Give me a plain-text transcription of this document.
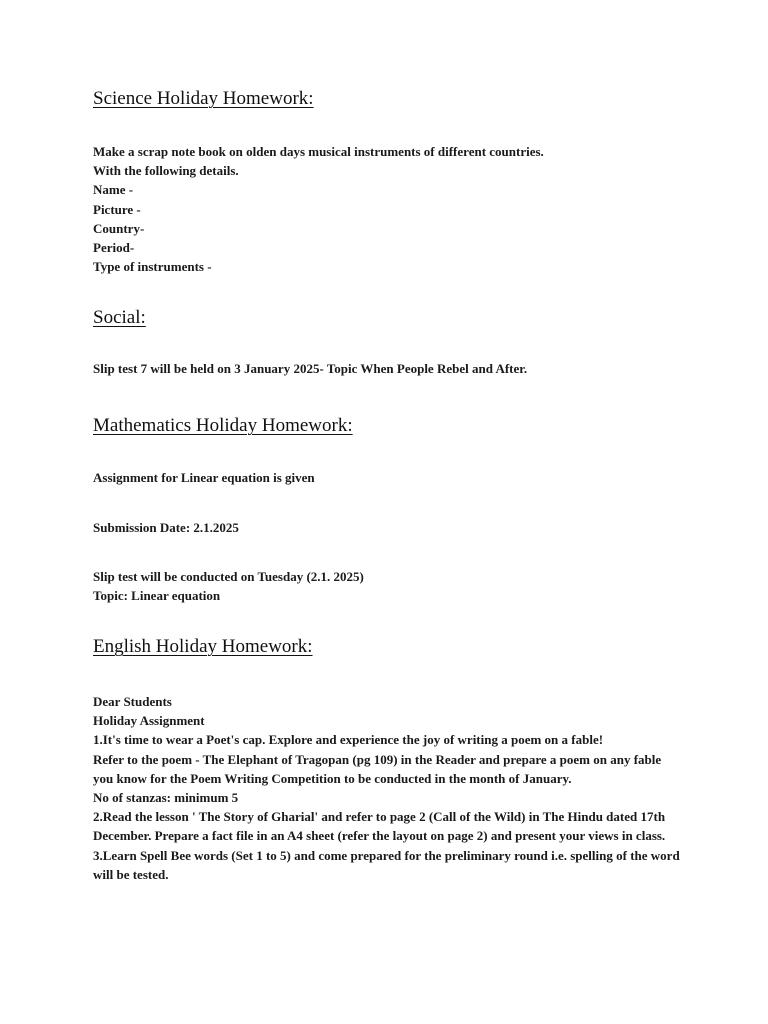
Science Holiday Homework:
Make a scrap note book on olden days musical instruments of different countries.
With the following details.
Name -
Picture -
Country-
Period-
Type of instruments -
Social:
Slip test 7 will be held on 3 January 2025- Topic When People Rebel and After.
Mathematics Holiday Homework:
Assignment for Linear equation is given
Submission Date: 2.1.2025
Slip test will be conducted on Tuesday (2.1. 2025)
Topic: Linear equation
English Holiday Homework:
Dear Students
Holiday Assignment

1.It's time to wear a Poet's cap. Explore and experience the joy of writing a poem on a fable!

Refer to the poem - The Elephant of Tragopan (pg 109) in the Reader and prepare a poem on any fable you know for the Poem Writing Competition to be conducted in the month of January.

No of stanzas: minimum 5

2.Read the lesson ' The Story of Gharial' and refer to page 2 (Call of the Wild) in The Hindu dated 17th December. Prepare a fact file in an A4 sheet (refer the layout on page 2) and present your views in class.

3.Learn Spell Bee words (Set 1 to 5) and come prepared for the preliminary round i.e. spelling of the word will be tested.
